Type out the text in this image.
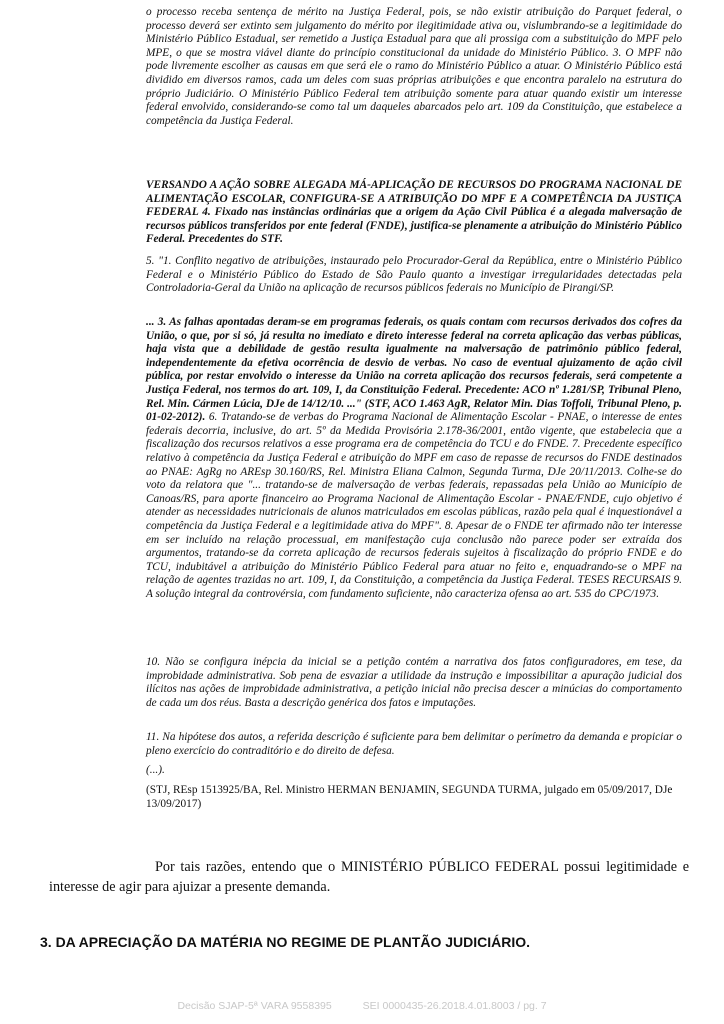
o processo receba sentença de mérito na Justiça Federal, pois, se não existir atribuição do Parquet federal, o processo deverá ser extinto sem julgamento do mérito por ilegitimidade ativa ou, vislumbrando-se a legitimidade do Ministério Público Estadual, ser remetido a Justiça Estadual para que ali prossiga com a substituição do MPF pelo MPE, o que se mostra viável diante do princípio constitucional da unidade do Ministério Público. 3. O MPF não pode livremente escolher as causas em que será ele o ramo do Ministério Público a atuar. O Ministério Público está dividido em diversos ramos, cada um deles com suas próprias atribuições e que encontra paralelo na estrutura do próprio Judiciário. O Ministério Público Federal tem atribuição somente para atuar quando existir um interesse federal envolvido, considerando-se como tal um daqueles abarcados pelo art. 109 da Constituição, que estabelece a competência da Justiça Federal.

VERSANDO A AÇÃO SOBRE ALEGADA MÁ-APLICAÇÃO DE RECURSOS DO PROGRAMA NACIONAL DE ALIMENTAÇÃO ESCOLAR, CONFIGURA-SE A ATRIBUIÇÃO DO MPF E A COMPETÊNCIA DA JUSTIÇA FEDERAL 4. Fixado nas instâncias ordinárias que a origem da Ação Civil Pública é a alegada malversação de recursos públicos transferidos por ente federal (FNDE), justifica-se plenamente a atribuição do Ministério Público Federal. Precedentes do STF.

5. "1. Conflito negativo de atribuições, instaurado pelo Procurador-Geral da República, entre o Ministério Público Federal e o Ministério Público do Estado de São Paulo quanto a investigar irregularidades detectadas pela Controladoria-Geral da União na aplicação de recursos públicos federais no Município de Pirangi/SP.

... 3. As falhas apontadas deram-se em programas federais, os quais contam com recursos derivados dos cofres da União, o que, por si só, já resulta no imediato e direto interesse federal na correta aplicação das verbas públicas, haja vista que a debilidade de gestão resulta igualmente na malversação de patrimônio público federal, independentemente da efetiva ocorrência de desvio de verbas. No caso de eventual ajuizamento de ação civil pública, por restar envolvido o interesse da União na correta aplicação dos recursos federais, será competente a Justiça Federal, nos termos do art. 109, I, da Constituição Federal. Precedente: ACO nº 1.281/SP, Tribunal Pleno, Rel. Min. Cármen Lúcia, DJe de 14/12/10. ..." (STF, ACO 1.463 AgR, Relator Min. Dias Toffoli, Tribunal Pleno, p. 01-02-2012). 6. Tratando-se de verbas do Programa Nacional de Alimentação Escolar - PNAE, o interesse de entes federais decorria, inclusive, do art. 5º da Medida Provisória 2.178-36/2001, então vigente, que estabelecia que a fiscalização dos recursos relativos a esse programa era de competência do TCU e do FNDE. 7. Precedente específico relativo à competência da Justiça Federal e atribuição do MPF em caso de repasse de recursos do FNDE destinados ao PNAE: AgRg no AREsp 30.160/RS, Rel. Ministra Eliana Calmon, Segunda Turma, DJe 20/11/2013. Colhe-se do voto da relatora que "... tratando-se de malversação de verbas federais, repassadas pela União ao Município de Canoas/RS, para aporte financeiro ao Programa Nacional de Alimentação Escolar - PNAE/FNDE, cujo objetivo é atender as necessidades nutricionais de alunos matriculados em escolas públicas, razão pela qual é inquestionável a competência da Justiça Federal e a legitimidade ativa do MPF". 8. Apesar de o FNDE ter afirmado não ter interesse em ser incluído na relação processual, em manifestação cuja conclusão não parece poder ser extraída dos argumentos, tratando-se da correta aplicação de recursos federais sujeitos à fiscalização do próprio FNDE e do TCU, indubitável a atribuição do Ministério Público Federal para atuar no feito e, enquadrando-se o MPF na relação de agentes trazidas no art. 109, I, da Constituição, a competência da Justiça Federal. TESES RECURSAIS 9. A solução integral da controvérsia, com fundamento suficiente, não caracteriza ofensa ao art. 535 do CPC/1973.

10. Não se configura inépcia da inicial se a petição contém a narrativa dos fatos configuradores, em tese, da improbidade administrativa. Sob pena de esvaziar a utilidade da instrução e impossibilitar a apuração judicial dos ilícitos nas ações de improbidade administrativa, a petição inicial não precisa descer a minúcias do comportamento de cada um dos réus. Basta a descrição genérica dos fatos e imputações.

11. Na hipótese dos autos, a referida descrição é suficiente para bem delimitar o perímetro da demanda e propiciar o pleno exercício do contraditório e do direito de defesa.

(...).

(STJ, REsp 1513925/BA, Rel. Ministro HERMAN BENJAMIN, SEGUNDA TURMA, julgado em 05/09/2017, DJe 13/09/2017)

Por tais razões, entendo que o MINISTÉRIO PÚBLICO FEDERAL possui legitimidade e interesse de agir para ajuizar a presente demanda.

3. DA APRECIAÇÃO DA MATÉRIA NO REGIME DE PLANTÃO JUDICIÁRIO.
Decisão SJAP-5ª VARA 9558395	SEI 0000435-26.2018.4.01.8003 / pg. 7
